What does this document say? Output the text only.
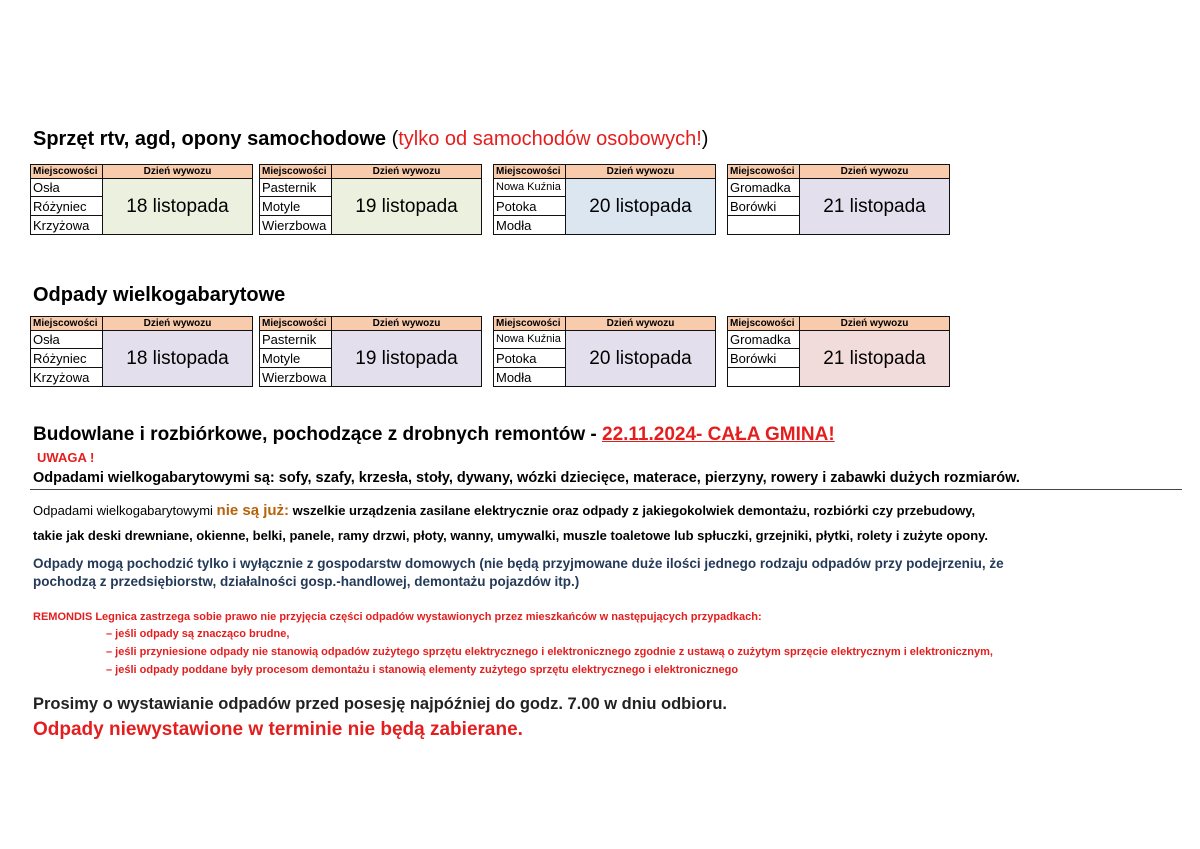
Sprzęt rtv, agd, opony samochodowe (tylko od samochodów osobowych!)
Miejscowości	Dzień wywozu
Osła	18 listopada
Różyniec	
Krzyżowa	
Miejscowości	Dzień wywozu
Pasternik	19 listopada
Motyle	
Wierzbowa	
Miejscowości	Dzień wywozu
Nowa Kuźnia	20 listopada
Potoka	
Modła	
Miejscowości	Dzień wywozu
Gromadka	21 listopada
Borówki	

Odpady wielkogabarytowe
Miejscowości	Dzień wywozu
Osła	18 listopada
Różyniec	
Krzyżowa	
Miejscowości	Dzień wywozu
Pasternik	19 listopada
Motyle	
Wierzbowa	
Miejscowości	Dzień wywozu
Nowa Kuźnia	20 listopada
Potoka	
Modła	
Miejscowości	Dzień wywozu
Gromadka	21 listopada
Borówki	

Budowlane i rozbiórkowe, pochodzące z drobnych remontów - 22.11.2024- CAŁA GMINA!
UWAGA !
Odpadami wielkogabarytowymi są: sofy, szafy, krzesła, stoły, dywany, wózki dziecięce, materace, pierzyny, rowery i zabawki dużych rozmiarów.
Odpadami wielkogabarytowymi nie są już: wszelkie urządzenia zasilane elektrycznie oraz odpady z jakiegokolwiek demontażu, rozbiórki czy przebudowy,
takie jak deski drewniane, okienne, belki, panele, ramy drzwi, płoty, wanny, umywalki, muszle toaletowe lub spłuczki, grzejniki, płytki, rolety i zużyte opony.
Odpady mogą pochodzić tylko i wyłącznie z gospodarstw domowych (nie będą przyjmowane duże ilości jednego rodzaju odpadów przy podejrzeniu, że
pochodzą z przedsiębiorstw, działalności gosp.-handlowej, demontażu pojazdów itp.)
REMONDIS Legnica zastrzega sobie prawo nie przyjęcia części odpadów wystawionych przez mieszkańców w następujących przypadkach:
– jeśli odpady są znacząco brudne,
– jeśli przyniesione odpady nie stanowią odpadów zużytego sprzętu elektrycznego i elektronicznego zgodnie z ustawą o zużytym sprzęcie elektrycznym i elektronicznym,
– jeśli odpady poddane były procesom demontażu i stanowią elementy zużytego sprzętu elektrycznego i elektronicznego
Prosimy o wystawianie odpadów przed posesję najpóźniej do godz. 7.00 w dniu odbioru.
Odpady niewystawione w terminie nie będą zabierane.
